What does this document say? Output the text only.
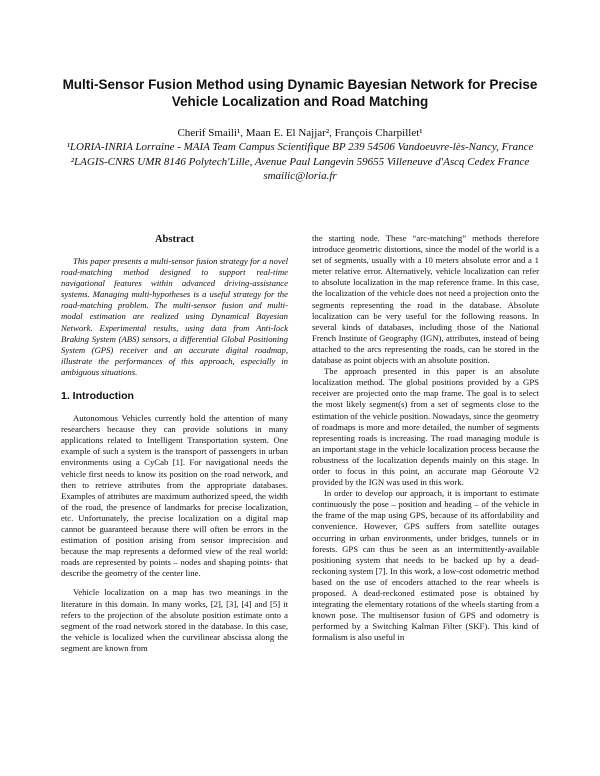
Multi-Sensor Fusion Method using Dynamic Bayesian Network for Precise
Vehicle Localization and Road Matching
Cherif Smaili¹, Maan E. El Najjar², François Charpillet¹
¹LORIA-INRIA Lorraine - MAIA Team Campus Scientifique BP 239 54506 Vandoeuvre-lès-Nancy, France
²LAGIS-CNRS UMR 8146 Polytech'Lille, Avenue Paul Langevin 59655 Villeneuve d'Ascq Cedex France
smailic@loria.fr
Abstract

This paper presents a multi-sensor fusion strategy for a novel road-matching method designed to support real-time navigational features within advanced driving-assistance systems. Managing multi-hypotheses is a useful strategy for the road-matching problem. The multi-sensor fusion and multi-modal estimation are realized using Dynamical Bayesian Network. Experimental results, using data from Anti-lock Braking System (ABS) sensors, a differential Global Positioning System (GPS) receiver and an accurate digital roadmap, illustrate the performances of this approach, especially in ambiguous situations.

1. Introduction

Autonomous Vehicles currently hold the attention of many researchers because they can provide solutions in many applications related to Intelligent Transportation system. One example of such a system is the transport of passengers in urban environments using a CyCab [1]. For navigational needs the vehicle first needs to know its position on the road network, and then to retrieve attributes from the appropriate databases. Examples of attributes are maximum authorized speed, the width of the road, the presence of landmarks for precise localization, etc. Unfortunately, the precise localization on a digital map cannot be guaranteed because there will often be errors in the estimation of position arising from sensor imprecision and because the map represents a deformed view of the real world: roads are represented by points – nodes and shaping points- that describe the geometry of the center line.

Vehicle localization on a map has two meanings in the literature in this domain. In many works, [2], [3], [4] and [5] it refers to the projection of the absolute position estimate onto a segment of the road network stored in the database. In this case, the vehicle is localized when the curvilinear abscissa along the segment are known from

the starting node. These “arc-matching” methods therefore introduce geometric distortions, since the model of the world is a set of segments, usually with a 10 meters absolute error and a 1 meter relative error. Alternatively, vehicle localization can refer to absolute localization in the map reference frame. In this case, the localization of the vehicle does not need a projection onto the segments representing the road in the database. Absolute localization can be very useful for the following reasons. In several kinds of databases, including those of the National French Institute of Geography (IGN), attributes, instead of being attached to the arcs representing the roads, can be stored in the database as point objects with an absolute position.

The approach presented in this paper is an absolute localization method. The global positions provided by a GPS receiver are projected onto the map frame. The goal is to select the most likely segment(s) from a set of segments close to the estimation of the vehicle position. Nowadays, since the geometry of roadmaps is more and more detailed, the number of segments representing roads is increasing. The road managing module is an important stage in the vehicle localization process because the robustness of the localization depends mainly on this stage. In order to focus in this point, an accurate map Géoroute V2 provided by the IGN was used in this work.

In order to develop our approach, it is important to estimate continuously the pose – position and heading – of the vehicle in the frame of the map using GPS, because of its affordability and convenience. However, GPS suffers from satellite outages occurring in urban environments, under bridges, tunnels or in forests. GPS can thus be seen as an intermittently-available positioning system that needs to be backed up by a dead-reckoning system [7]. In this work, a low-cost odometric method based on the use of encoders attached to the rear wheels is proposed. A dead-reckoned estimated pose is obtained by integrating the elementary rotations of the wheels starting from a known pose. The multisensor fusion of GPS and odometry is performed by a Switching Kalman Filter (SKF). This kind of formalism is also useful in
